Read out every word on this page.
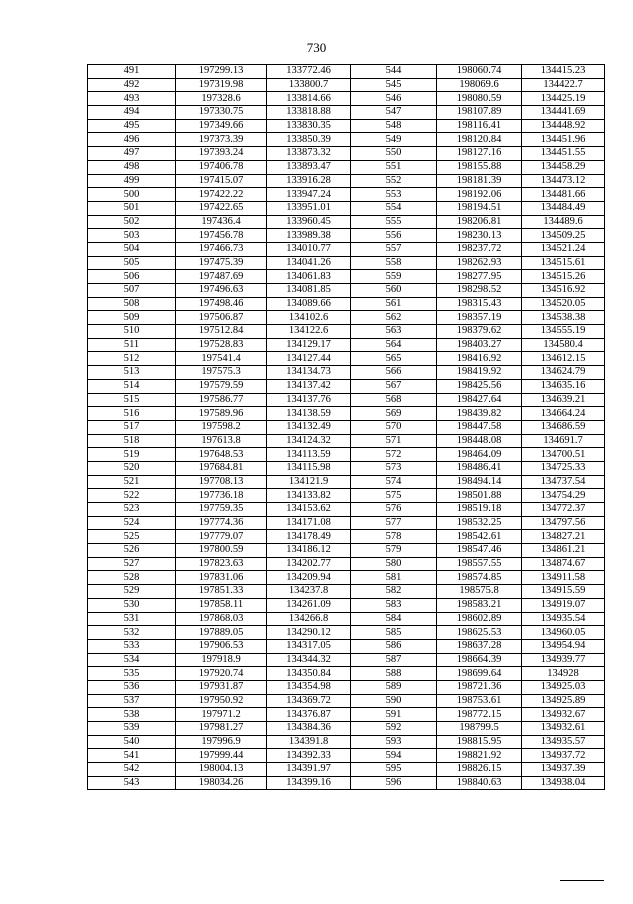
730
491	197299.13	133772.46	544	198060.74	134415.23
492	197319.98	133800.7	545	198069.6	134422.7
493	197328.6	133814.66	546	198080.59	134425.19
494	197330.75	133818.88	547	198107.89	134441.69
495	197349.66	133830.35	548	198116.41	134448.92
496	197373.39	133850.39	549	198120.84	134451.96
497	197393.24	133873.32	550	198127.16	134451.55
498	197406.78	133893.47	551	198155.88	134458.29
499	197415.07	133916.28	552	198181.39	134473.12
500	197422.22	133947.24	553	198192.06	134481.66
501	197422.65	133951.01	554	198194.51	134484.49
502	197436.4	133960.45	555	198206.81	134489.6
503	197456.78	133989.38	556	198230.13	134509.25
504	197466.73	134010.77	557	198237.72	134521.24
505	197475.39	134041.26	558	198262.93	134515.61
506	197487.69	134061.83	559	198277.95	134515.26
507	197496.63	134081.85	560	198298.52	134516.92
508	197498.46	134089.66	561	198315.43	134520.05
509	197506.87	134102.6	562	198357.19	134538.38
510	197512.84	134122.6	563	198379.62	134555.19
511	197528.83	134129.17	564	198403.27	134580.4
512	197541.4	134127.44	565	198416.92	134612.15
513	197575.3	134134.73	566	198419.92	134624.79
514	197579.59	134137.42	567	198425.56	134635.16
515	197586.77	134137.76	568	198427.64	134639.21
516	197589.96	134138.59	569	198439.82	134664.24
517	197598.2	134132.49	570	198447.58	134686.59
518	197613.8	134124.32	571	198448.08	134691.7
519	197648.53	134113.59	572	198464.09	134700.51
520	197684.81	134115.98	573	198486.41	134725.33
521	197708.13	134121.9	574	198494.14	134737.54
522	197736.18	134133.82	575	198501.88	134754.29
523	197759.35	134153.62	576	198519.18	134772.37
524	197774.36	134171.08	577	198532.25	134797.56
525	197779.07	134178.49	578	198542.61	134827.21
526	197800.59	134186.12	579	198547.46	134861.21
527	197823.63	134202.77	580	198557.55	134874.67
528	197831.06	134209.94	581	198574.85	134911.58
529	197851.33	134237.8	582	198575.8	134915.59
530	197858.11	134261.09	583	198583.21	134919.07
531	197868.03	134266.8	584	198602.89	134935.54
532	197889.05	134290.12	585	198625.53	134960.05
533	197906.53	134317.05	586	198637.28	134954.94
534	197918.9	134344.32	587	198664.39	134939.77
535	197920.74	134350.84	588	198699.64	134928
536	197931.87	134354.98	589	198721.36	134925.03
537	197950.92	134369.72	590	198753.61	134925.89
538	197971.2	134376.87	591	198772.15	134932.67
539	197981.27	134384.36	592	198799.5	134932.61
540	197996.9	134391.8	593	198815.95	134935.57
541	197999.44	134392.33	594	198821.92	134937.72
542	198004.13	134391.97	595	198826.15	134937.39
543	198034.26	134399.16	596	198840.63	134938.04
